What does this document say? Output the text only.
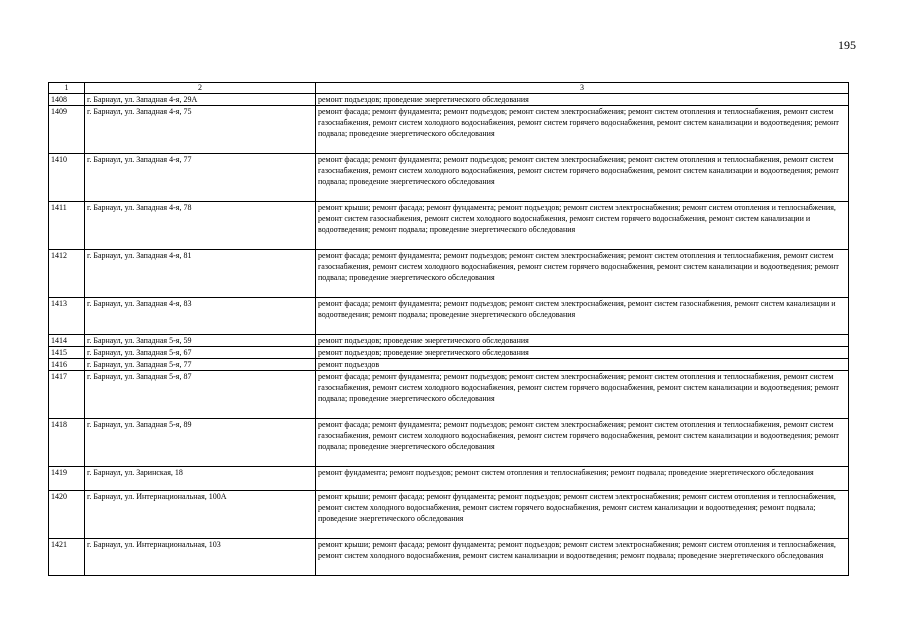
195
1	2	3
1408	г. Барнаул, ул. Западная 4-я, 29А	ремонт подъездов; проведение энергетического обследования
1409	г. Барнаул, ул. Западная 4-я, 75	ремонт фасада; ремонт фундамента; ремонт подъездов; ремонт систем электроснабжения; ремонт систем отопления и теплоснабжения, ремонт систем газоснабжения, ремонт систем холодного водоснабжения, ремонт систем горячего водоснабжения, ремонт систем канализации и водоотведения; ремонт подвала; проведение энергетического обследования
1410	г. Барнаул, ул. Западная 4-я, 77	ремонт фасада; ремонт фундамента; ремонт подъездов; ремонт систем электроснабжения; ремонт систем отопления и теплоснабжения, ремонт систем газоснабжения, ремонт систем холодного водоснабжения, ремонт систем горячего водоснабжения, ремонт систем канализации и водоотведения; ремонт подвала; проведение энергетического обследования
1411	г. Барнаул, ул. Западная 4-я, 78	ремонт крыши; ремонт фасада; ремонт фундамента; ремонт подъездов; ремонт систем электроснабжения; ремонт систем отопления и теплоснабжения, ремонт систем газоснабжения, ремонт систем холодного водоснабжения, ремонт систем горячего водоснабжения, ремонт систем канализации и водоотведения; ремонт подвала; проведение энергетического обследования
1412	г. Барнаул, ул. Западная 4-я, 81	ремонт фасада; ремонт фундамента; ремонт подъездов; ремонт систем электроснабжения; ремонт систем отопления и теплоснабжения, ремонт систем газоснабжения, ремонт систем холодного водоснабжения, ремонт систем горячего водоснабжения, ремонт систем канализации и водоотведения; ремонт подвала; проведение энергетического обследования
1413	г. Барнаул, ул. Западная 4-я, 83	ремонт фасада; ремонт фундамента; ремонт подъездов; ремонт систем электроснабжения, ремонт систем газоснабжения, ремонт систем канализации и водоотведения; ремонт подвала; проведение энергетического обследования
1414	г. Барнаул, ул. Западная 5-я, 59	ремонт подъездов; проведение энергетического обследования
1415	г. Барнаул, ул. Западная 5-я, 67	ремонт подъездов; проведение энергетического обследования
1416	г. Барнаул, ул. Западная 5-я, 77	ремонт подъездов
1417	г. Барнаул, ул. Западная 5-я, 87	ремонт фасада; ремонт фундамента; ремонт подъездов; ремонт систем электроснабжения; ремонт систем отопления и теплоснабжения, ремонт систем газоснабжения, ремонт систем холодного водоснабжения, ремонт систем горячего водоснабжения, ремонт систем канализации и водоотведения; ремонт подвала; проведение энергетического обследования
1418	г. Барнаул, ул. Западная 5-я, 89	ремонт фасада; ремонт фундамента; ремонт подъездов; ремонт систем электроснабжения; ремонт систем отопления и теплоснабжения, ремонт систем газоснабжения, ремонт систем холодного водоснабжения, ремонт систем горячего водоснабжения, ремонт систем канализации и водоотведения; ремонт подвала; проведение энергетического обследования
1419	г. Барнаул, ул. Заринская, 18	ремонт фундамента; ремонт подъездов; ремонт систем отопления и теплоснабжения; ремонт подвала; проведение энергетического обследования
1420	г. Барнаул, ул. Интернациональная, 100А	ремонт крыши; ремонт фасада; ремонт фундамента; ремонт подъездов; ремонт систем электроснабжения; ремонт систем отопления и теплоснабжения, ремонт систем холодного водоснабжения, ремонт систем горячего водоснабжения, ремонт систем канализации и водоотведения; ремонт подвала; проведение энергетического обследования
1421	г. Барнаул, ул. Интернациональная, 103	ремонт крыши; ремонт фасада; ремонт фундамента; ремонт подъездов; ремонт систем электроснабжения; ремонт систем отопления и теплоснабжения, ремонт систем холодного водоснабжения, ремонт систем канализации и водоотведения; ремонт подвала; проведение энергетического обследования
